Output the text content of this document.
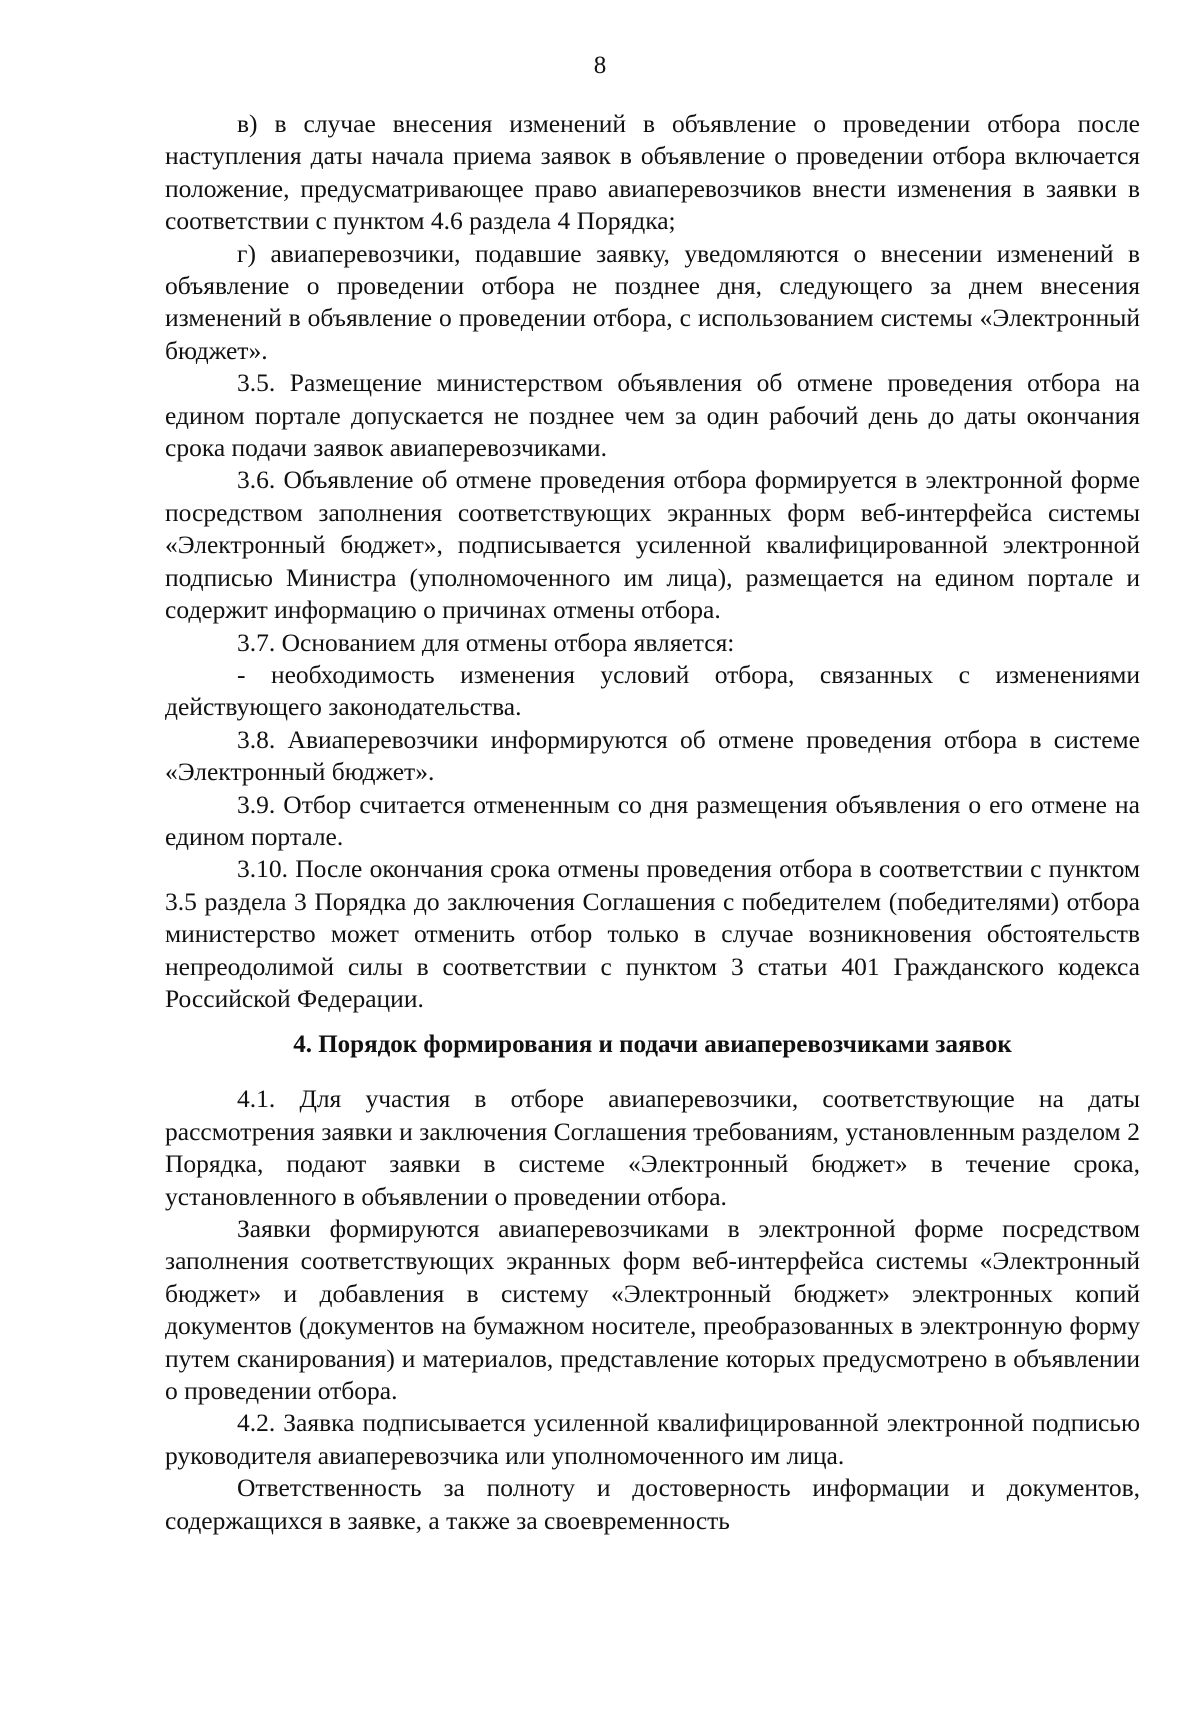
8

в) в случае внесения изменений в объявление о проведении отбора после наступления даты начала приема заявок в объявление о проведении отбора включается положение, предусматривающее право авиаперевозчиков внести изменения в заявки в соответствии с пунктом 4.6 раздела 4 Порядка;

г) авиаперевозчики, подавшие заявку, уведомляются о внесении изменений в объявление о проведении отбора не позднее дня, следующего за днем внесения изменений в объявление о проведении отбора, с использованием системы «Электронный бюджет».

3.5. Размещение министерством объявления об отмене проведения отбора на едином портале допускается не позднее чем за один рабочий день до даты окончания срока подачи заявок авиаперевозчиками.

3.6. Объявление об отмене проведения отбора формируется в электронной форме посредством заполнения соответствующих экранных форм веб-интерфейса системы «Электронный бюджет», подписывается усиленной квалифицированной электронной подписью Министра (уполномоченного им лица), размещается на едином портале и содержит информацию о причинах отмены отбора.

3.7. Основанием для отмены отбора является:

- необходимость изменения условий отбора, связанных с изменениями действующего законодательства.

3.8. Авиаперевозчики информируются об отмене проведения отбора в системе «Электронный бюджет».

3.9. Отбор считается отмененным со дня размещения объявления о его отмене на едином портале.

3.10. После окончания срока отмены проведения отбора в соответствии с пунктом 3.5 раздела 3 Порядка до заключения Соглашения с победителем (победителями) отбора министерство может отменить отбор только в случае возникновения обстоятельств непреодолимой силы в соответствии с пунктом 3 статьи 401 Гражданского кодекса Российской Федерации.

4. Порядок формирования и подачи авиаперевозчиками заявок

4.1. Для участия в отборе авиаперевозчики, соответствующие на даты рассмотрения заявки и заключения Соглашения требованиям, установленным разделом 2 Порядка, подают заявки в системе «Электронный бюджет» в течение срока, установленного в объявлении о проведении отбора.

Заявки формируются авиаперевозчиками в электронной форме посредством заполнения соответствующих экранных форм веб-интерфейса системы «Электронный бюджет» и добавления в систему «Электронный бюджет» электронных копий документов (документов на бумажном носителе, преобразованных в электронную форму путем сканирования) и материалов, представление которых предусмотрено в объявлении о проведении отбора.

4.2. Заявка подписывается усиленной квалифицированной электронной подписью руководителя авиаперевозчика или уполномоченного им лица.

Ответственность за полноту и достоверность информации и документов, содержащихся в заявке, а также за своевременность
